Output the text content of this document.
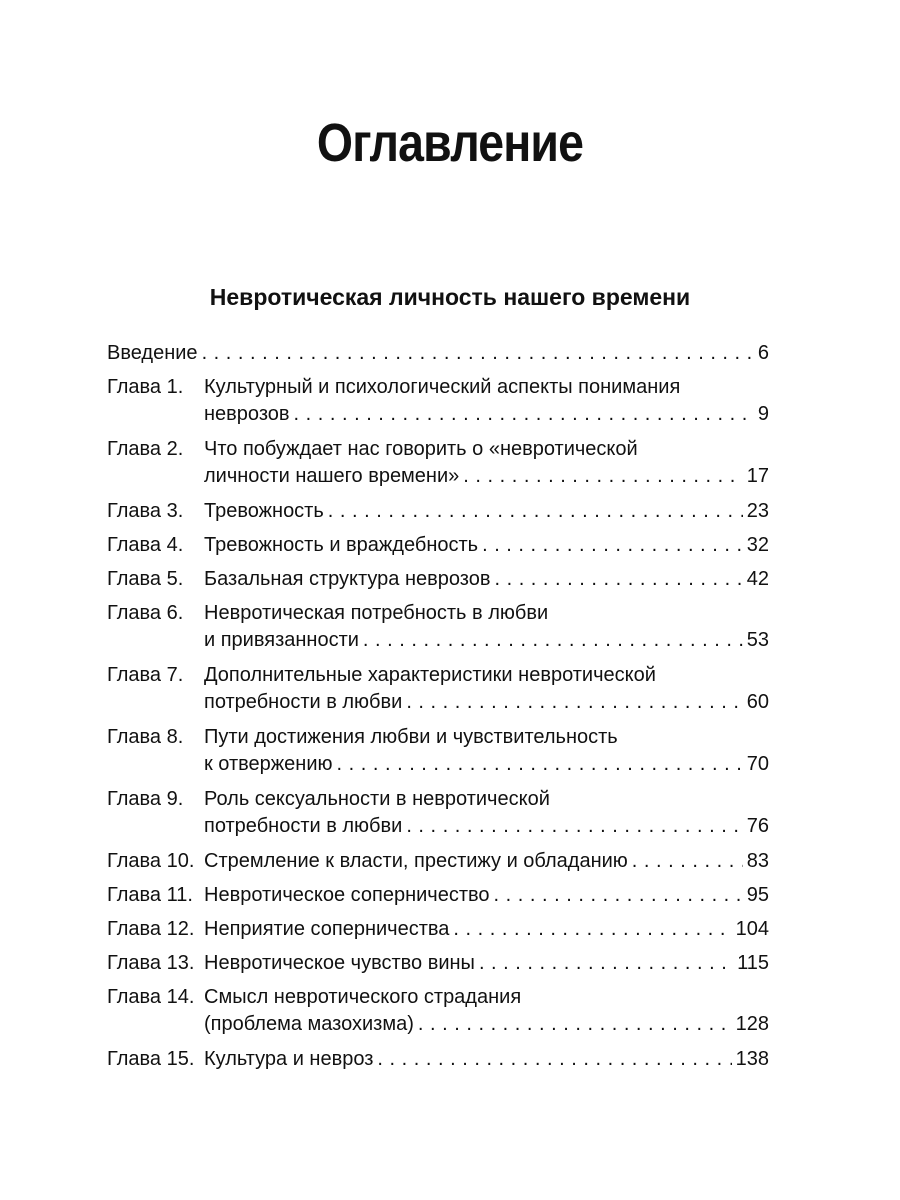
Оглавление
Невротическая личность нашего времени
Введение . . .	6
Глава 1.	Культурный и психологический аспекты понимания
неврозов . . .	9
Глава 2.	Что побуждает нас говорить о «невротической
личности нашего времени» . . .	17
Глава 3.	Тревожность . . .	23
Глава 4.	Тревожность и враждебность . . .	32
Глава 5.	Базальная структура неврозов . . .	42
Глава 6.	Невротическая потребность в любви
и привязанности . . .	53
Глава 7.	Дополнительные характеристики невротической
потребности в любви . . .	60
Глава 8.	Пути достижения любви и чувствительность
к отвержению . . .	70
Глава 9.	Роль сексуальности в невротической
потребности в любви . . .	76
Глава 10. Стремление к власти, престижу и обладанию . . .	83
Глава 11. Невротическое соперничество . . .	95
Глава 12. Неприятие соперничества . . .	104
Глава 13. Невротическое чувство вины . . .	115
Глава 14. Смысл невротического страдания
(проблема мазохизма) . . .	128
Глава 15. Культура и невроз . . .	138
